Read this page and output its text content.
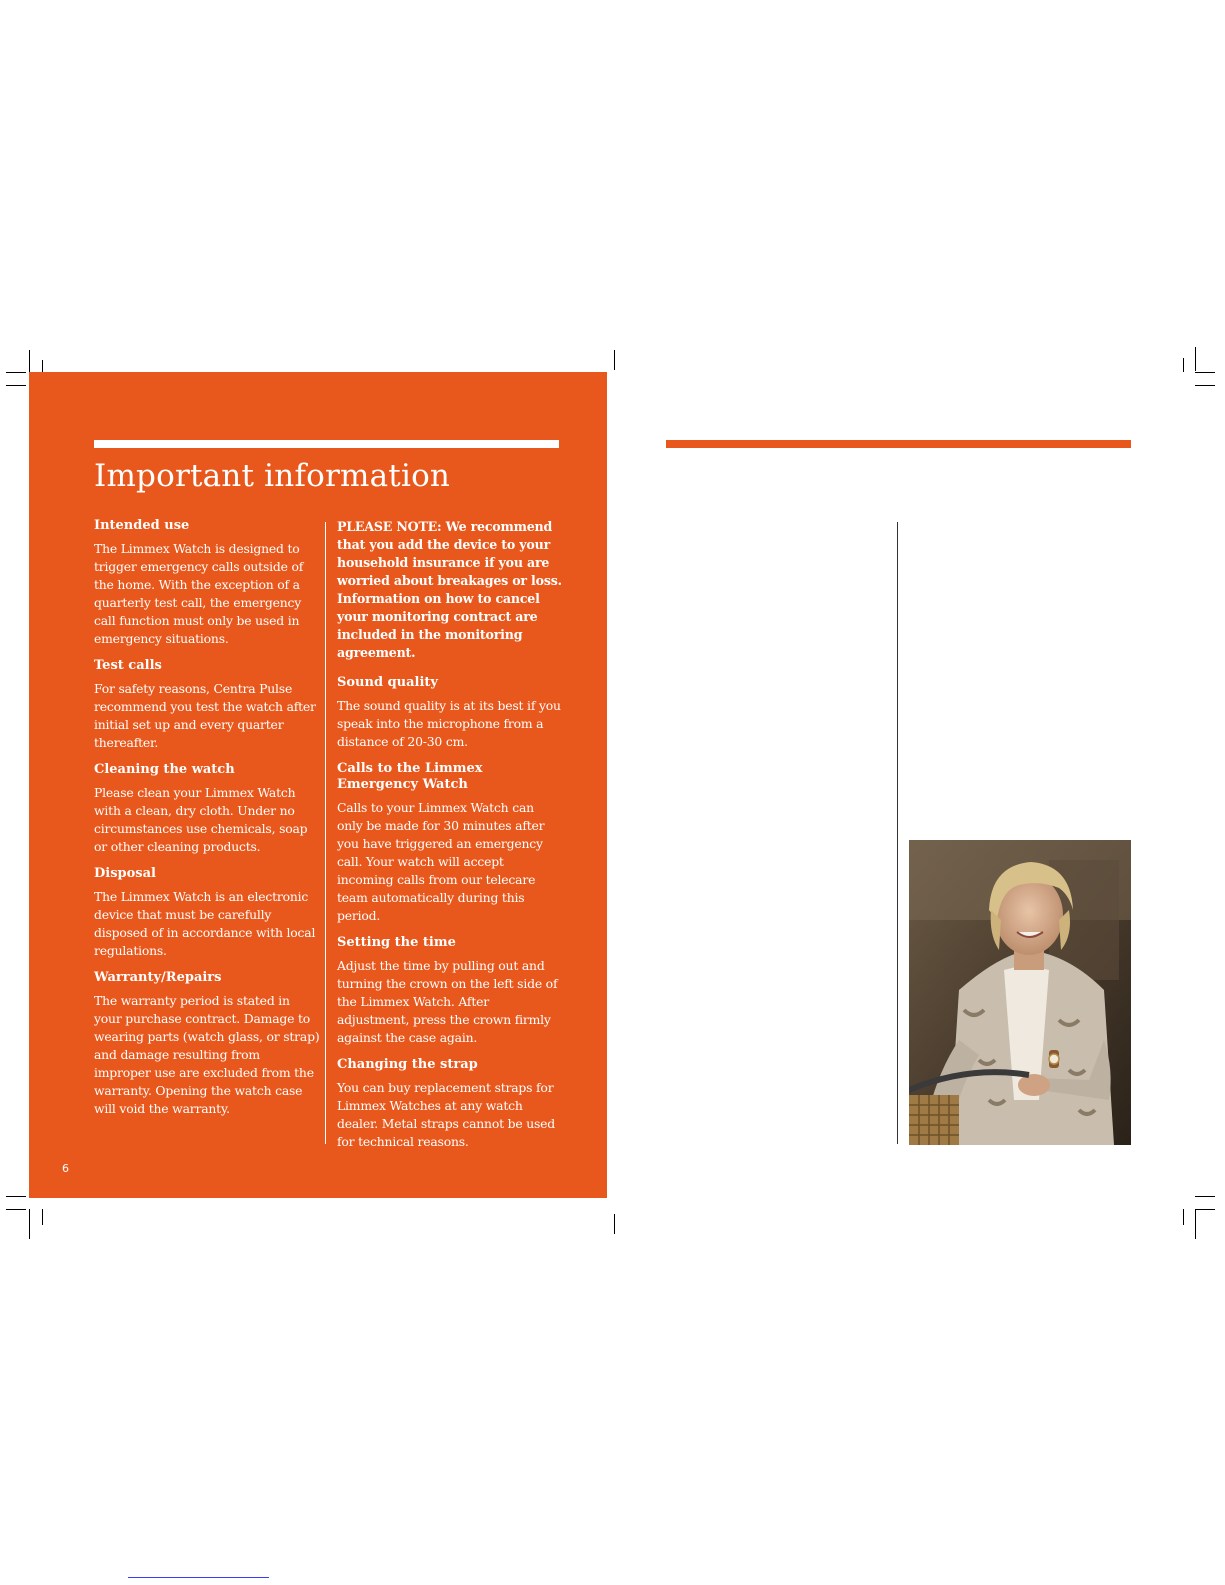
Important information
Intended use

The Limmex Watch is designed to trigger emergency calls outside of the home. With the exception of a quarterly test call, the emergency call function must only be used in emergency situations.

Test calls

For safety reasons, Centra Pulse recommend you test the watch after initial set up and every quarter thereafter.

Cleaning the watch

Please clean your Limmex Watch with a clean, dry cloth. Under no circumstances use chemicals, soap or other cleaning products.

Disposal

The Limmex Watch is an electronic device that must be carefully disposed of in accordance with local regulations.

Warranty/Repairs

The warranty period is stated in your purchase contract. Damage to wearing parts (watch glass, or strap) and damage resulting from improper use are excluded from the warranty. Opening the watch case will void the warranty.

PLEASE NOTE: We recommend that you add the device to your household insurance if you are worried about breakages or loss. Information on how to cancel your monitoring contract are included in the monitoring agreement.

Sound quality

The sound quality is at its best if you speak into the microphone from a distance of 20-30 cm.

Calls to the Limmex Emergency Watch

Calls to your Limmex Watch can only be made for 30 minutes after you have triggered an emergency call. Your watch will accept incoming calls from our telecare team automatically during this period.

Setting the time

Adjust the time by pulling out and turning the crown on the left side of the Limmex Watch. After adjustment, press the crown firmly against the case again.

Changing the strap

You can buy replacement straps for Limmex Watches at any watch dealer. Metal straps cannot be used for technical reasons.

6
